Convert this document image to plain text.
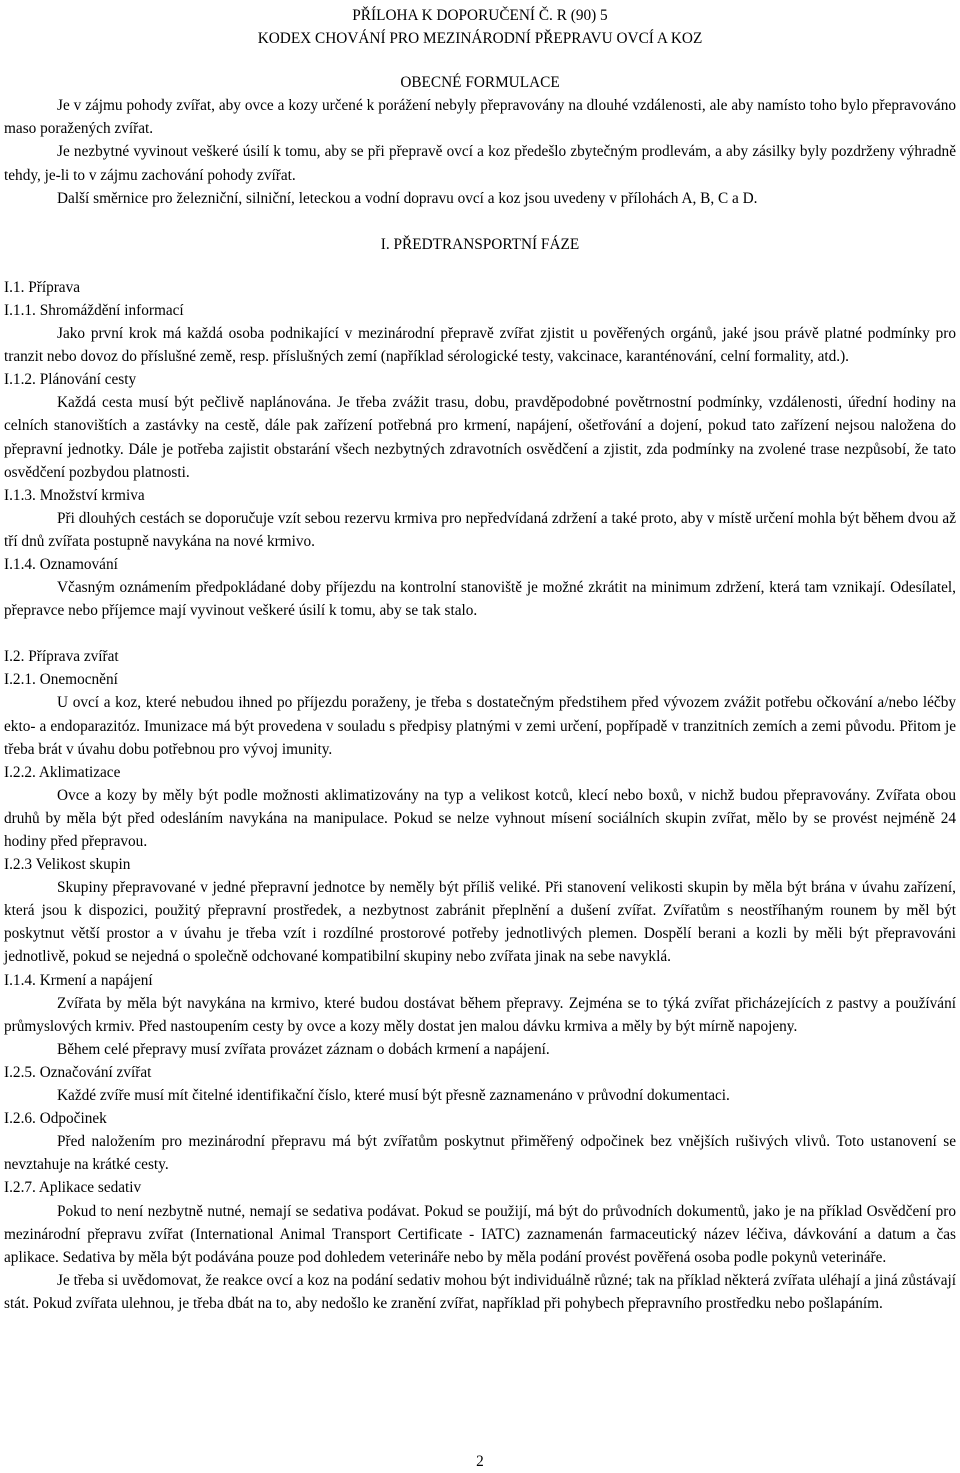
PŘÍLOHA K DOPORUČENÍ Č. R (90) 5
KODEX CHOVÁNÍ PRO MEZINÁRODNÍ PŘEPRAVU OVCÍ A KOZ
OBECNÉ FORMULACE

Je v zájmu pohody zvířat, aby ovce a kozy určené k porážení nebyly přepravovány na dlouhé vzdálenosti, ale aby namísto toho bylo přepravováno maso poražených zvířat.

Je nezbytné vyvinout veškeré úsilí k tomu, aby se při přepravě ovcí a koz předešlo zbytečným prodlevám, a aby zásilky byly pozdrženy výhradně tehdy, je-li to v zájmu zachování pohody zvířat.

Další směrnice pro železniční, silniční, leteckou a vodní dopravu ovcí a koz jsou uvedeny v přílohách A, B, C a D.

I. PŘEDTRANSPORTNÍ FÁZE
I.1. Příprava
I.1.1. Shromáždění informací

Jako první krok má každá osoba podnikající v mezinárodní přepravě zvířat zjistit u pověřených orgánů, jaké jsou právě platné podmínky pro tranzit nebo dovoz do příslušné země, resp. příslušných zemí (například sérologické testy, vakcinace, karanténování, celní formality, atd.).

I.1.2. Plánování cesty

Každá cesta musí být pečlivě naplánována. Je třeba zvážit trasu, dobu, pravděpodobné povětrnostní podmínky, vzdálenosti, úřední hodiny na celních stanovištích a zastávky na cestě, dále pak zařízení potřebná pro krmení, napájení, ošetřování a dojení, pokud tato zařízení nejsou naložena do přepravní jednotky. Dále je potřeba zajistit obstarání všech nezbytných zdravotních osvědčení a zjistit, zda podmínky na zvolené trase nezpůsobí, že tato osvědčení pozbydou platnosti.

I.1.3. Množství krmiva

Při dlouhých cestách se doporučuje vzít sebou rezervu krmiva pro nepředvídaná zdržení a také proto, aby v místě určení mohla být během dvou až tří dnů zvířata postupně navykána na nové krmivo.

I.1.4. Oznamování

Včasným oznámením předpokládané doby příjezdu na kontrolní stanoviště je možné zkrátit na minimum zdržení, která tam vznikají. Odesílatel, přepravce nebo příjemce mají vyvinout veškeré úsilí k tomu, aby se tak stalo.

I.2. Příprava zvířat
I.2.1. Onemocnění

U ovcí a koz, které nebudou ihned po příjezdu poraženy, je třeba s dostatečným předstihem před vývozem zvážit potřebu očkování a/nebo léčby ekto- a endoparazitóz. Imunizace má být provedena v souladu s předpisy platnými v zemi určení, popřípadě v tranzitních zemích a zemi původu. Přitom je třeba brát v úvahu dobu potřebnou pro vývoj imunity.

I.2.2. Aklimatizace

Ovce a kozy by měly být podle možnosti aklimatizovány na typ a velikost kotců, klecí nebo boxů, v nichž budou přepravovány. Zvířata obou druhů by měla být před odesláním navykána na manipulace. Pokud se nelze vyhnout mísení sociálních skupin zvířat, mělo by se provést nejméně 24 hodiny před přepravou.

I.2.3 Velikost skupin

Skupiny přepravované v jedné přepravní jednotce by neměly být příliš veliké. Při stanovení velikosti skupin by měla být brána v úvahu zařízení, která jsou k dispozici, použitý přepravní prostředek, a nezbytnost zabránit přeplnění a dušení zvířat. Zvířatům s neostříhaným rounem by měl být poskytnut větší prostor a v úvahu je třeba vzít i rozdílné prostorové potřeby jednotlivých plemen. Dospělí berani a kozli by měli být přepravováni jednotlivě, pokud se nejedná o společně odchované kompatibilní skupiny nebo zvířata jinak na sebe navyklá.

I.1.4. Krmení a napájení

Zvířata by měla být navykána na krmivo, které budou dostávat během přepravy. Zejména se to týká zvířat přicházejících z pastvy a používání průmyslových krmiv. Před nastoupením cesty by ovce a kozy měly dostat jen malou dávku krmiva a měly by být mírně napojeny.

Během celé přepravy musí zvířata provázet záznam o dobách krmení a napájení.

I.2.5. Označování zvířat

Každé zvíře musí mít čitelné identifikační číslo, které musí být přesně zaznamenáno v průvodní dokumentaci.

I.2.6. Odpočinek

Před naložením pro mezinárodní přepravu má být zvířatům poskytnut přiměřený odpočinek bez vnějších rušivých vlivů. Toto ustanovení se nevztahuje na krátké cesty.

I.2.7. Aplikace sedativ

Pokud to není nezbytně nutné, nemají se sedativa podávat. Pokud se použijí, má být do průvodních dokumentů, jako je na příklad Osvědčení pro mezinárodní přepravu zvířat (International Animal Transport Certificate - IATC) zaznamenán farmaceutický název léčiva, dávkování a datum a čas aplikace. Sedativa by měla být podávána pouze pod dohledem veterináře nebo by měla podání provést pověřená osoba podle pokynů veterináře.

Je třeba si uvědomovat, že reakce ovcí a koz na podání sedativ mohou být individuálně různé; tak na příklad některá zvířata uléhají a jiná zůstávají stát. Pokud zvířata ulehnou, je třeba dbát na to, aby nedošlo ke zranění zvířat, například při pohybech přepravního prostředku nebo pošlapáním.

2
